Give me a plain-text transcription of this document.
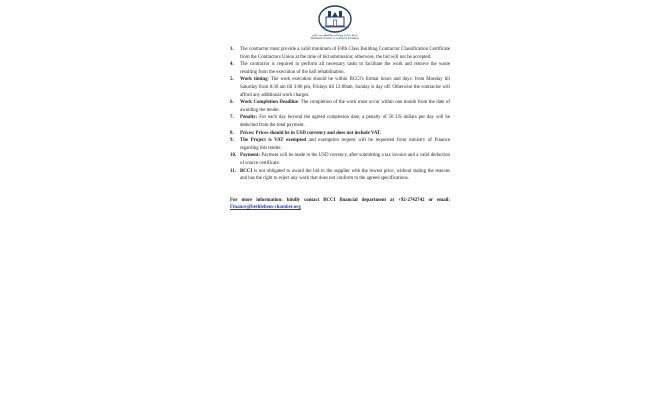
غرفة تجارة وصناعة محافظة بيت لحم
Bethlehem Chamber of Commerce & Industry
3. The contractor must provide a valid minimum of Fifth Class Building Contractor Classification Certificate from the Contractors Union at the time of bid submission; otherwise, the bid will not be accepted.
4. The contractor is required to perform all necessary tasks to facilitate the work and remove the waste resulting from the execution of the hall rehabilitation.
5. Work timing: The work execution should be within BCCI's formal hours and days: from Monday till Saturday from 8:30 am till 3:00 pm, Fridays till 12:00am, Sunday is day off. Otherwise the contractor will afford any additional work charges.
6. Work Completion Deadline: The completion of the work must occur within one month from the date of awarding the tender.
7. Penalty: For each day beyond the agreed completion date, a penalty of 50 US dollars per day will be deducted from the total payment.
8. Prices: Prices should be in USD currency and does not include VAT.
9. The Project is VAT exempted and exemption request will be requested from ministry of Finance regarding this tender.
10. Payment: Payment will be made in the USD currency, after submitting a tax invoice and a valid deduction of source certificate.
11. BCCI is not obligated to award the bid to the supplier with the lowest price, without stating the reasons and has the right to reject any work that does not conform to the agreed specifications.

For more information: kindly contact BCCI financial department at +92-2742742 or email: Finance@bethlehem-chamber.org
